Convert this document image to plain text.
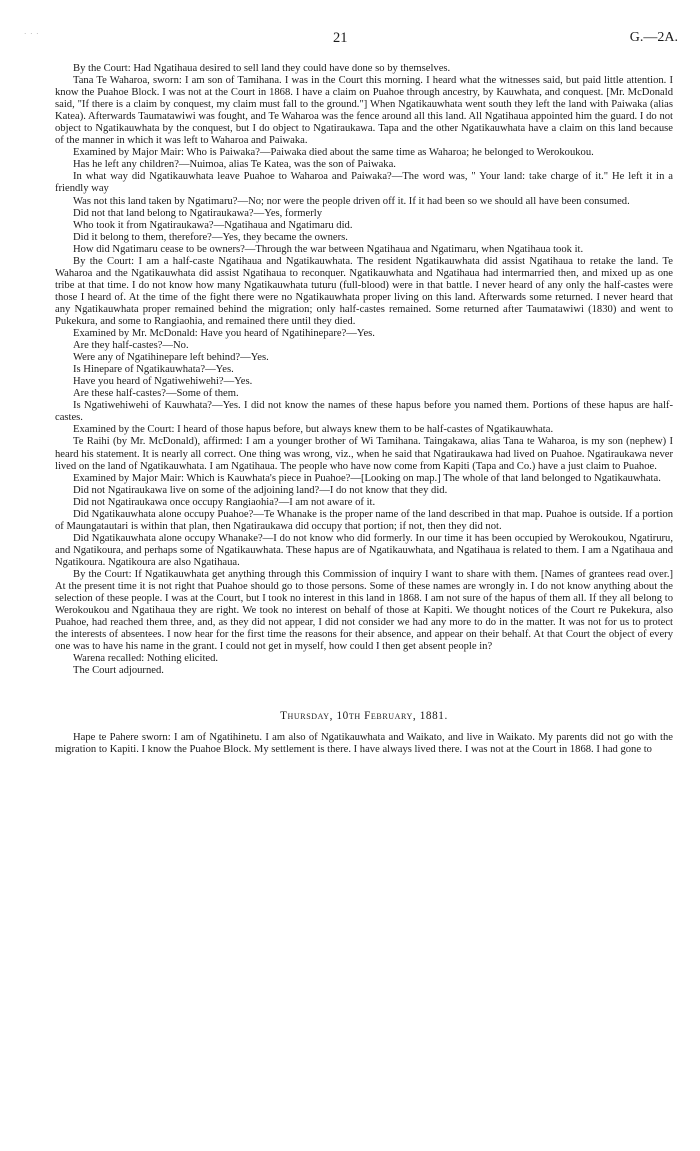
· · ·	21	G.—2A.

By the Court: Had Ngatihaua desired to sell land they could have done so by themselves.

Tana Te Waharoa, sworn: I am son of Tamihana. I was in the Court this morning. I heard what the witnesses said, but paid little attention. I know the Puahoe Block. I was not at the Court in 1868. I have a claim on Puahoe through ancestry, by Kauwhata, and conquest. [Mr. McDonald said, "If there is a claim by conquest, my claim must fall to the ground."] When Ngatikauwhata went south they left the land with Paiwaka (alias Katea). Afterwards Taumatawiwi was fought, and Te Waharoa was the fence around all this land. All Ngatihaua appointed him the guard. I do not object to Ngatikauwhata by the conquest, but I do object to Ngatiraukawa. Tapa and the other Ngatikauwhata have a claim on this land because of the manner in which it was left to Waharoa and Paiwaka.

Examined by Major Mair: Who is Paiwaka?—Paiwaka died about the same time as Waharoa; he belonged to Werokoukou.

Has he left any children?—Nuimoa, alias Te Katea, was the son of Paiwaka.

In what way did Ngatikauwhata leave Puahoe to Waharoa and Paiwaka?—The word was, " Your land: take charge of it." He left it in a friendly way

Was not this land taken by Ngatimaru?—No; nor were the people driven off it. If it had been so we should all have been consumed.

Did not that land belong to Ngatiraukawa?—Yes, formerly

Who took it from Ngatiraukawa?—Ngatihaua and Ngatimaru did.

Did it belong to them, therefore?—Yes, they became the owners.

How did Ngatimaru cease to be owners?—Through the war between Ngatihaua and Ngatimaru, when Ngatihaua took it.

By the Court: I am a half-caste Ngatihaua and Ngatikauwhata. The resident Ngatikauwhata did assist Ngatihaua to retake the land. Te Waharoa and the Ngatikauwhata did assist Ngatihaua to reconquer. Ngatikauwhata and Ngatihaua had intermarried then, and mixed up as one tribe at that time. I do not know how many Ngatikauwhata tuturu (full-blood) were in that battle. I never heard of any only the half-castes were those I heard of. At the time of the fight there were no Ngatikauwhata proper living on this land. Afterwards some returned. I never heard that any Ngatikauwhata proper remained behind the migration; only half-castes remained. Some returned after Taumatawiwi (1830) and went to Pukekura, and some to Rangiaohia, and remained there until they died.

Examined by Mr. McDonald: Have you heard of Ngatihinepare?—Yes.

Are they half-castes?—No.

Were any of Ngatihinepare left behind?—Yes.

Is Hinepare of Ngatikauwhata?—Yes.

Have you heard of Ngatiwehiwehi?—Yes.

Are these half-castes?—Some of them.

Is Ngatiwehiwehi of Kauwhata?—Yes. I did not know the names of these hapus before you named them. Portions of these hapus are half-castes.

Examined by the Court: I heard of those hapus before, but always knew them to be half-castes of Ngatikauwhata.

Te Raihi (by Mr. McDonald), affirmed: I am a younger brother of Wi Tamihana. Taingakawa, alias Tana te Waharoa, is my son (nephew) I heard his statement. It is nearly all correct. One thing was wrong, viz., when he said that Ngatiraukawa had lived on Puahoe. Ngatiraukawa never lived on the land of Ngatikauwhata. I am Ngatihaua. The people who have now come from Kapiti (Tapa and Co.) have a just claim to Puahoe.

Examined by Major Mair: Which is Kauwhata's piece in Puahoe?—[Looking on map.] The whole of that land belonged to Ngatikauwhata.

Did not Ngatiraukawa live on some of the adjoining land?—I do not know that they did.

Did not Ngatiraukawa once occupy Rangiaohia?—I am not aware of it.

Did Ngatikauwhata alone occupy Puahoe?—Te Whanake is the proper name of the land described in that map. Puahoe is outside. If a portion of Maungatautari is within that plan, then Ngatiraukawa did occupy that portion; if not, then they did not.

Did Ngatikauwhata alone occupy Whanake?—I do not know who did formerly. In our time it has been occupied by Werokoukou, Ngatiruru, and Ngatikoura, and perhaps some of Ngatikauwhata. These hapus are of Ngatikauwhata, and Ngatihaua is related to them. I am a Ngatihaua and Ngatikoura. Ngatikoura are also Ngatihaua.

By the Court: If Ngatikauwhata get anything through this Commission of inquiry I want to share with them. [Names of grantees read over.] At the present time it is not right that Puahoe should go to those persons. Some of these names are wrongly in. I do not know anything about the selection of these people. I was at the Court, but I took no interest in this land in 1868. I am not sure of the hapus of them all. If they all belong to Werokoukou and Ngatihaua they are right. We took no interest on behalf of those at Kapiti. We thought notices of the Court re Pukekura, also Puahoe, had reached them three, and, as they did not appear, I did not consider we had any more to do in the matter. It was not for us to protect the interests of absentees. I now hear for the first time the reasons for their absence, and appear on their behalf. At that Court the object of every one was to have his name in the grant. I could not get in myself, how could I then get absent people in?

Warena recalled: Nothing elicited.

The Court adjourned.

Thursday, 10th February, 1881.

Hape te Pahere sworn: I am of Ngatihinetu. I am also of Ngatikauwhata and Waikato, and live in Waikato. My parents did not go with the migration to Kapiti. I know the Puahoe Block. My settlement is there. I have always lived there. I was not at the Court in 1868. I had gone to
